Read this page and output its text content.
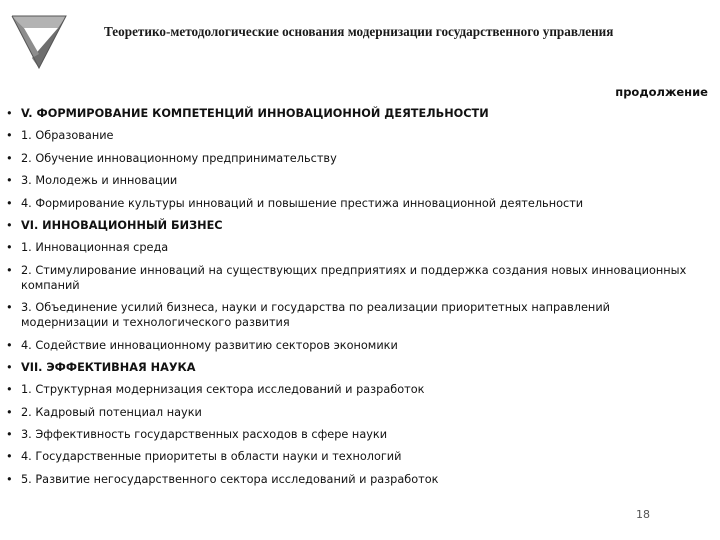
Теоретико-методологические основания модернизации государственного управления
продолжение
• V. ФОРМИРОВАНИЕ КОМПЕТЕНЦИЙ ИННОВАЦИОННОЙ ДЕЯТЕЛЬНОСТИ
• 1. Образование
• 2. Обучение инновационному предпринимательству
• 3. Молодежь и инновации
• 4. Формирование культуры инноваций и повышение престижа инновационной деятельности
• VI. ИННОВАЦИОННЫЙ БИЗНЕС
• 1. Инновационная среда
• 2. Стимулирование инноваций на существующих предприятиях и поддержка создания новых инновационных компаний
• 3. Объединение усилий бизнеса, науки и государства по реализации приоритетных направлений модернизации и технологического развития
• 4. Содействие инновационному развитию секторов экономики
• VII. ЭФФЕКТИВНАЯ НАУКА
• 1. Структурная модернизация сектора исследований и разработок
• 2. Кадровый потенциал науки
• 3. Эффективность государственных расходов в сфере науки
• 4. Государственные приоритеты в области науки и технологий
• 5. Развитие негосударственного сектора исследований и разработок
18
